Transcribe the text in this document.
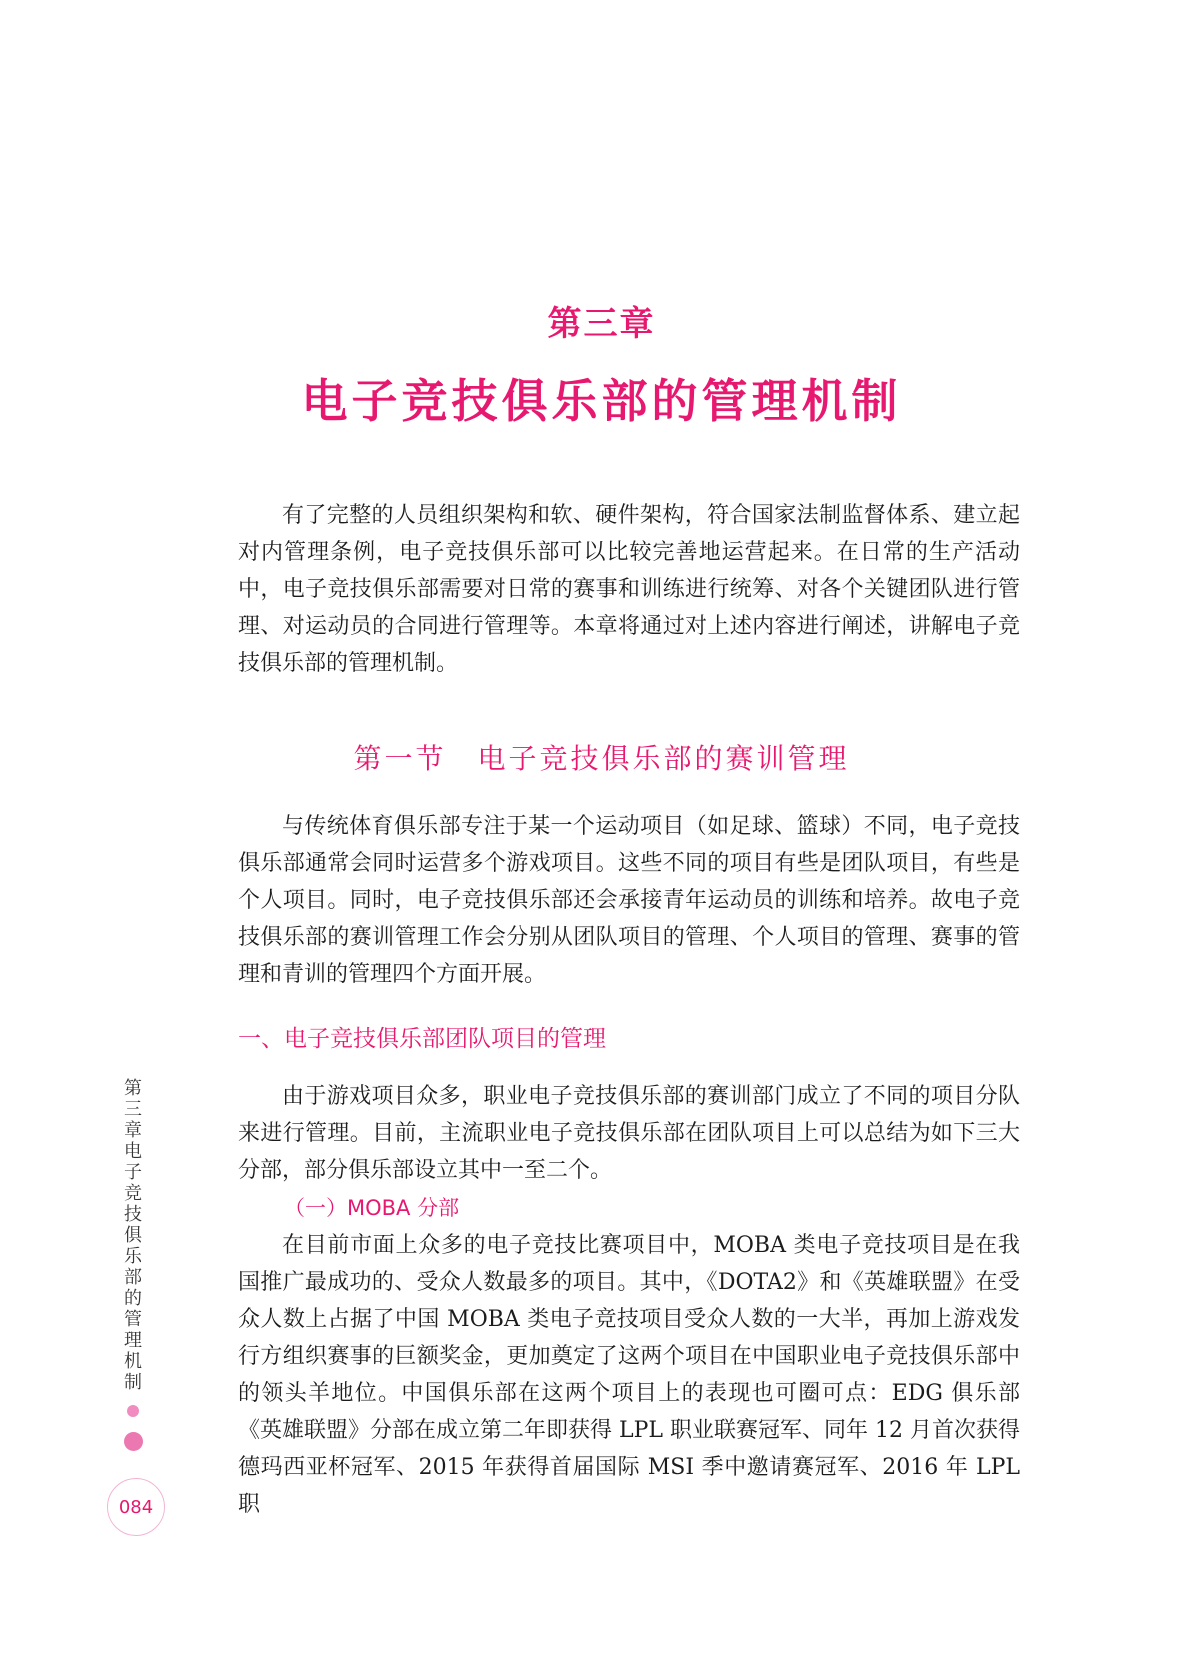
第三章
电子竞技俱乐部的管理机制

有了完整的人员组织架构和软、硬件架构，符合国家法制监督体系、建立起对内管理条例，电子竞技俱乐部可以比较完善地运营起来。在日常的生产活动中，电子竞技俱乐部需要对日常的赛事和训练进行统筹、对各个关键团队进行管理、对运动员的合同进行管理等。本章将通过对上述内容进行阐述，讲解电子竞技俱乐部的管理机制。

第一节　电子竞技俱乐部的赛训管理

与传统体育俱乐部专注于某一个运动项目（如足球、篮球）不同，电子竞技俱乐部通常会同时运营多个游戏项目。这些不同的项目有些是团队项目，有些是个人项目。同时，电子竞技俱乐部还会承接青年运动员的训练和培养。故电子竞技俱乐部的赛训管理工作会分别从团队项目的管理、个人项目的管理、赛事的管理和青训的管理四个方面开展。

一、电子竞技俱乐部团队项目的管理

由于游戏项目众多，职业电子竞技俱乐部的赛训部门成立了不同的项目分队来进行管理。目前，主流职业电子竞技俱乐部在团队项目上可以总结为如下三大分部，部分俱乐部设立其中一至二个。

（一）MOBA 分部

在目前市面上众多的电子竞技比赛项目中，MOBA 类电子竞技项目是在我国推广最成功的、受众人数最多的项目。其中，《DOTA2》和《英雄联盟》在受众人数上占据了中国 MOBA 类电子竞技项目受众人数的一大半，再加上游戏发行方组织赛事的巨额奖金，更加奠定了这两个项目在中国职业电子竞技俱乐部中的领头羊地位。中国俱乐部在这两个项目上的表现也可圈可点：EDG 俱乐部《英雄联盟》分部在成立第二年即获得 LPL 职业联赛冠军、同年 12 月首次获得德玛西亚杯冠军、2015 年获得首届国际 MSI 季中邀请赛冠军、2016 年 LPL 职

第三章　电子竞技俱乐部的管理机制
084
